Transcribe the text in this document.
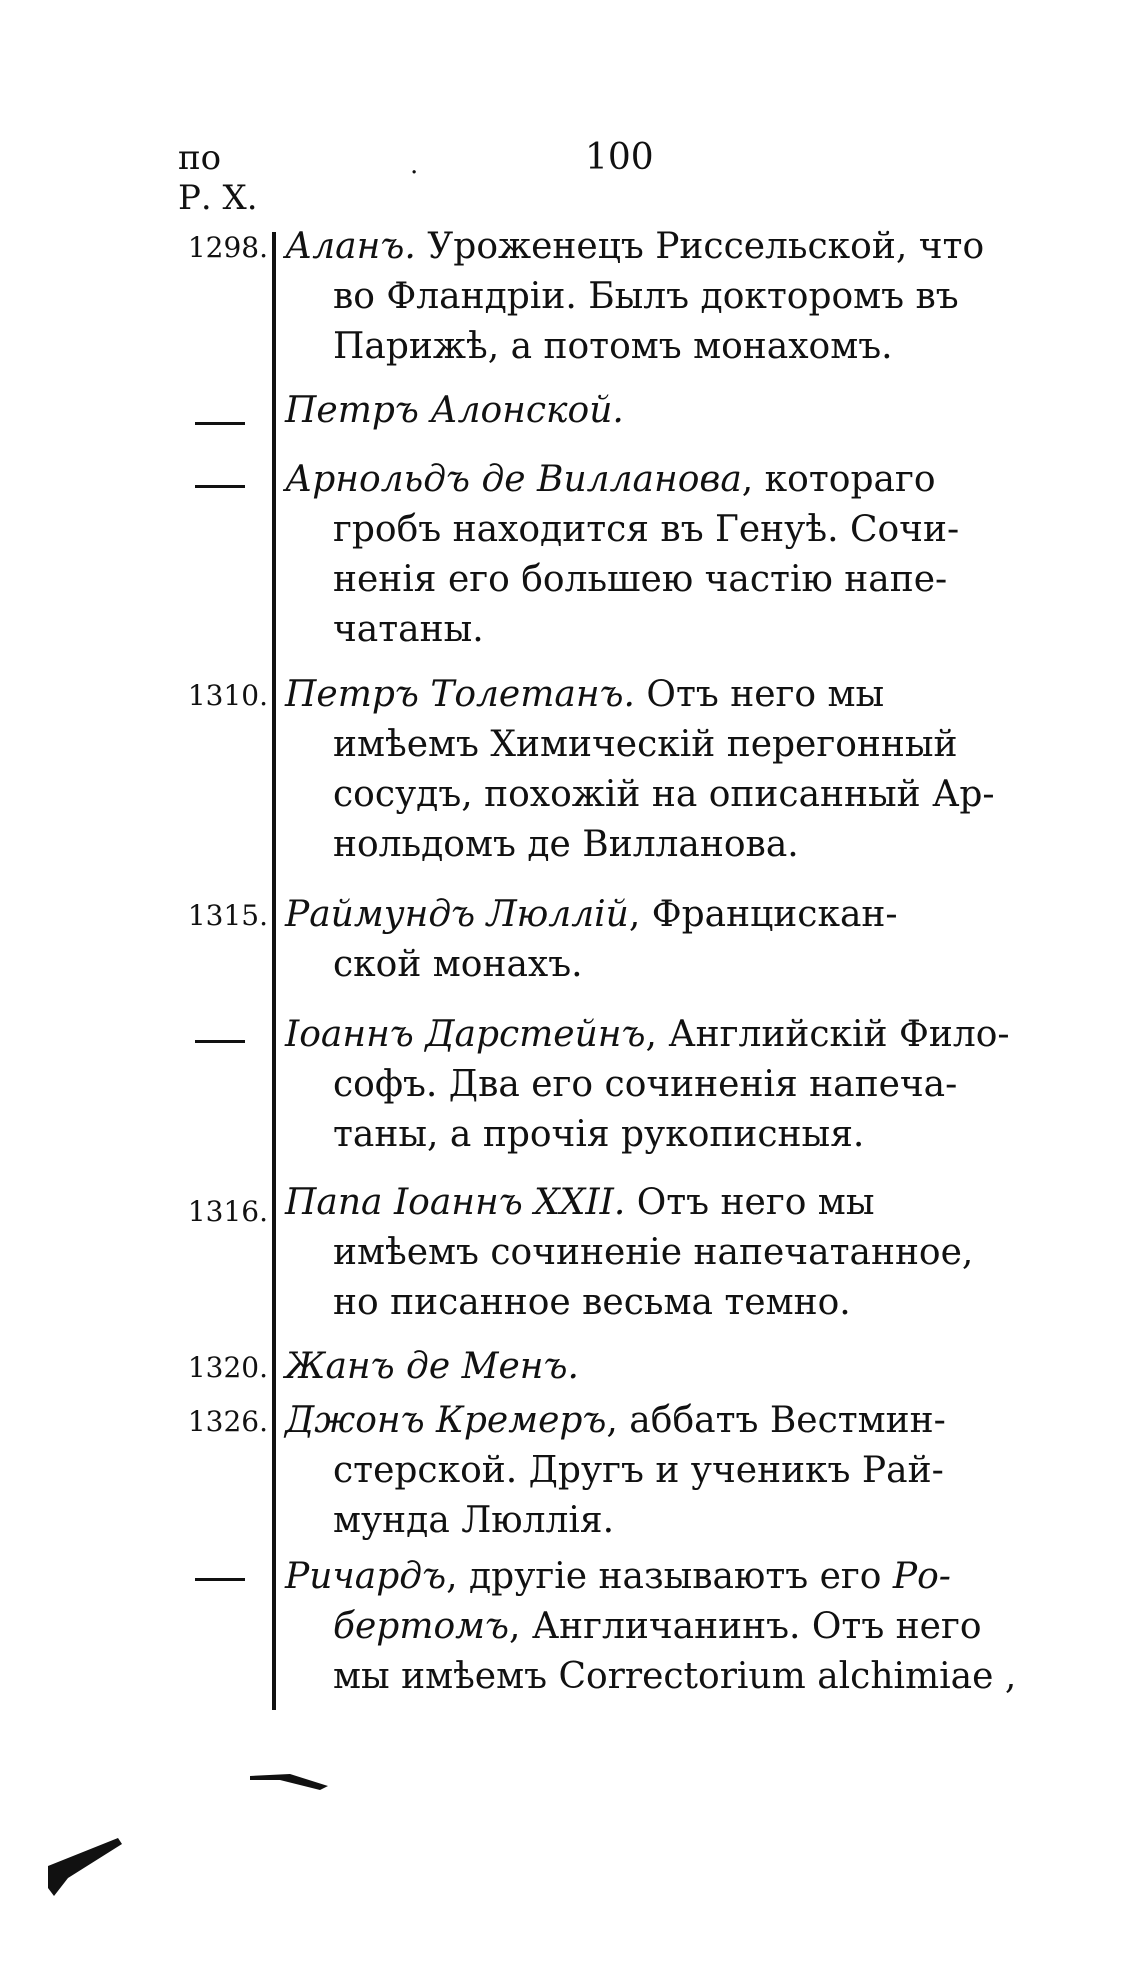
по
Р. Х.
.	100
1298. Аланъ. Уроженецъ Риссельской, что
во Фландріи. Былъ докторомъ въ
Парижѣ, а потомъ монахомъ.
Петръ Алонской.
Арнольдъ де Вилланова, котораго
гробъ находится въ Генуѣ. Сочи-
ненія его большею частію напе-
чатаны.
1310. Петръ Толетанъ. Отъ него мы
имѣемъ Химическій перегонный
сосудъ, похожій на описанный Ар-
нольдомъ де Вилланова.
1315. Раймундъ Люллій, Францискан-
ской монахъ.
Іоаннъ Дарстейнъ, Английскій Фило-
софъ. Два его сочиненія напеча-
таны, а прочія рукописныя.
1316. Папа Іоаннъ XXII. Отъ него мы
имѣемъ сочиненіе напечатанное,
но писанное весьма темно.
1320. Жанъ де Менъ.
1326. Джонъ Кремеръ, аббатъ Вестмин-
стерской. Другъ и ученикъ Рай-
мунда Люллія.
Ричардъ, другіе называютъ его Ро-
бертомъ, Англичанинъ. Отъ него
мы имѣемъ Correctorium alchimiae ,
